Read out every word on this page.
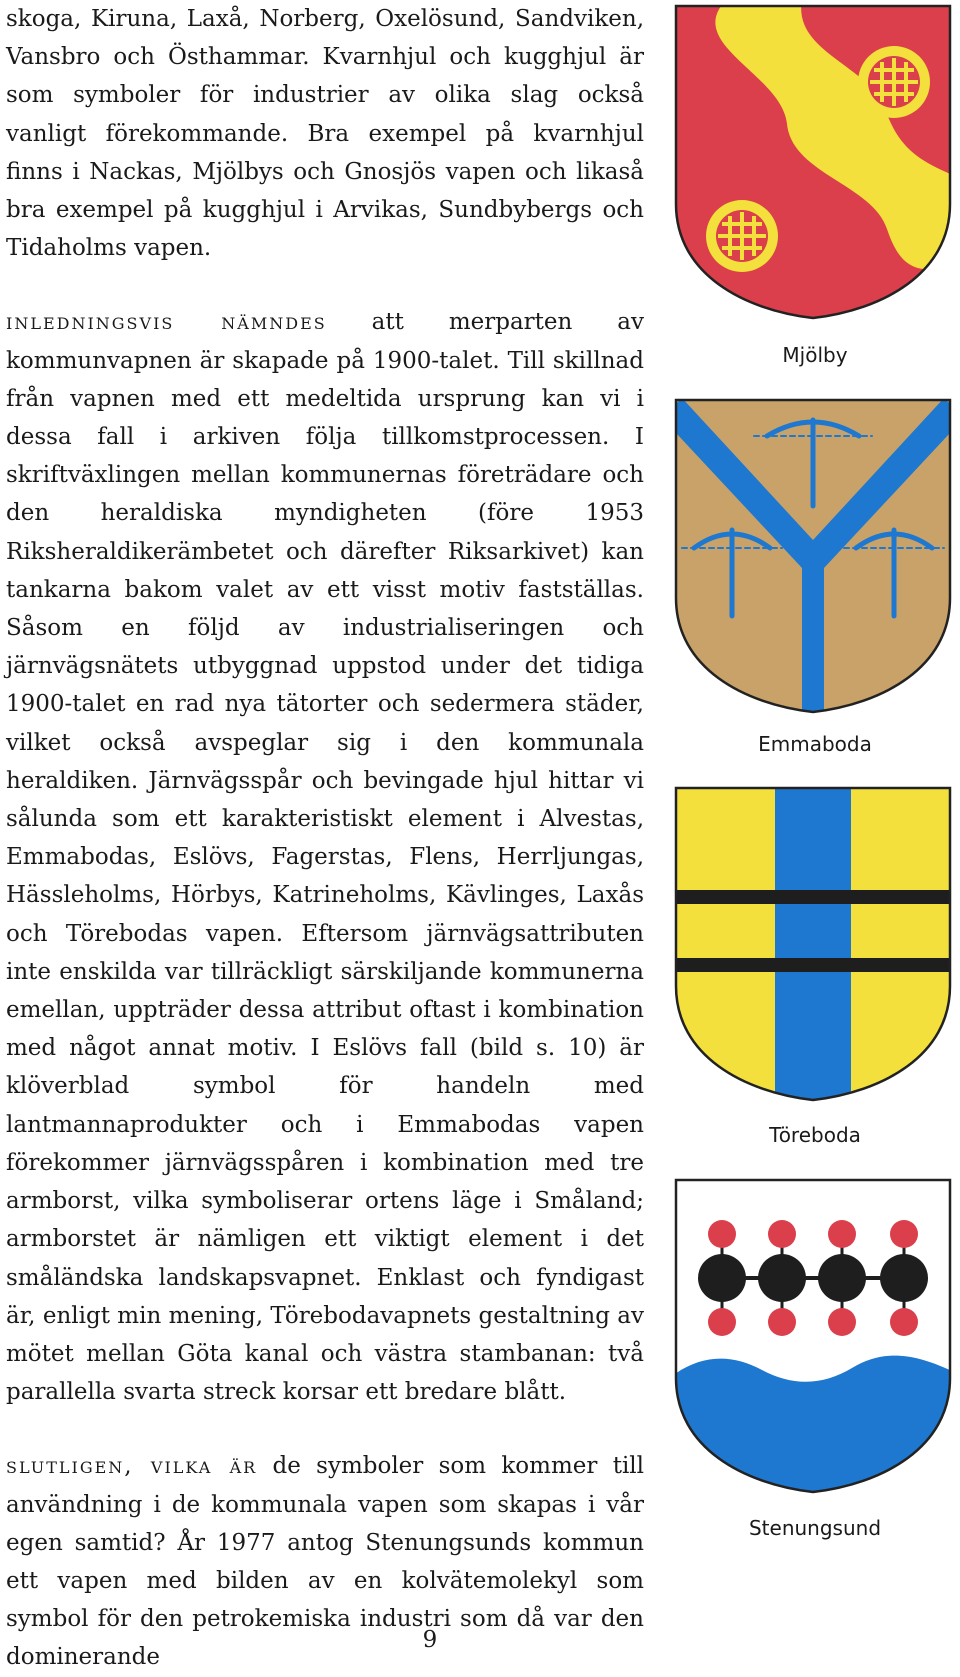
skoga, Kiruna, Laxå, Norberg, Oxelösund, Sandviken, Vansbro och Östhammar. Kvarnhjul och kugghjul är som symboler för industrier av olika slag också vanligt förekommande. Bra exempel på kvarnhjul finns i Nackas, Mjölbys och Gnosjös vapen och likaså bra exempel på kugghjul i Arvikas, Sundbybergs och Tidaholms vapen.

inledningsvis nämndes att merparten av kommunvapnen är skapade på 1900-talet. Till skillnad från vapnen med ett medeltida ursprung kan vi i dessa fall i arkiven följa tillkomstprocessen. I skriftväxlingen mellan kommunernas företrädare och den heraldiska myndigheten (före 1953 Riksheraldikerämbetet och därefter Riksarkivet) kan tankarna bakom valet av ett visst motiv fastställas. Såsom en följd av industrialiseringen och järnvägsnätets utbyggnad uppstod under det tidiga 1900-talet en rad nya tätorter och sedermera städer, vilket också avspeglar sig i den kommunala heraldiken. Järnvägsspår och bevingade hjul hittar vi sålunda som ett karakteristiskt element i Alvestas, Emmabodas, Eslövs, Fagerstas, Flens, Herrljungas, Hässleholms, Hörbys, Katrineholms, Kävlinges, Laxås och Törebodas vapen. Eftersom järnvägsattributen inte enskilda var tillräckligt särskiljande kommunerna emellan, uppträder dessa attribut oftast i kombination med något annat motiv. I Eslövs fall (bild s. 10) är klöverblad symbol för handeln med lantmannaprodukter och i Emmabodas vapen förekommer järnvägsspåren i kombination med tre armborst, vilka symboliserar ortens läge i Småland; armborstet är nämligen ett viktigt element i det småländska landskapsvapnet. Enklast och fyndigast är, enligt min mening, Törebodavapnets gestaltning av mötet mellan Göta kanal och västra stambanan: två parallella svarta streck korsar ett bredare blått.

slutligen, vilka är de symboler som kommer till användning i de kommunala vapen som skapas i vår egen samtid? År 1977 antog Stenungsunds kommun ett vapen med bilden av en kolvätemolekyl som symbol för den petrokemiska industri som då var den dominerande

Mjölby
Emmaboda
Töreboda
Stenungsund
9
